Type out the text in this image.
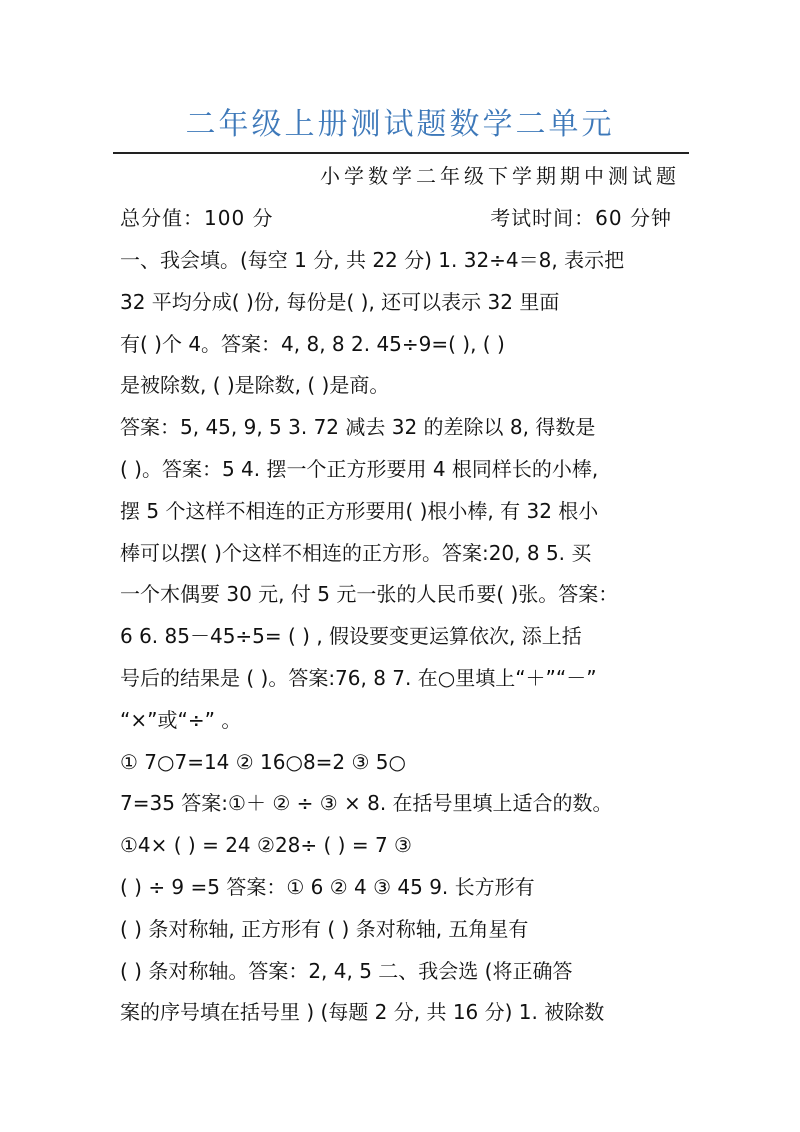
二年级上册测试题数学二单元
小学数学二年级下学期期中测试题
总分值：100 分	考试时间：60 分钟
一、我会填。(每空 1 分, 共 22 分) 1. 32÷4＝8, 表示把
32 平均分成( )份, 每份是( ), 还可以表示 32 里面
有( )个 4。答案：4, 8, 8 2. 45÷9=( ), ( )
是被除数, ( )是除数, ( )是商。
答案：5, 45, 9, 5 3. 72 减去 32 的差除以 8, 得数是
( )。答案：5 4. 摆一个正方形要用 4 根同样长的小棒,
摆 5 个这样不相连的正方形要用( )根小棒, 有 32 根小
棒可以摆( )个这样不相连的正方形。答案:20, 8 5. 买
一个木偶要 30 元, 付 5 元一张的人民币要( )张。答案：
6 6. 85－45÷5= ( ) , 假设要变更运算依次, 添上括
号后的结果是 ( )。答案:76, 8 7. 在○里填上“＋”“－”
“×”或“÷” 。
① 7○7=14 ② 16○8=2 ③ 5○
7=35 答案:①＋ ② ÷ ③ × 8. 在括号里填上适合的数。
①4× ( ) = 24 ②28÷ ( ) = 7 ③
( ) ÷ 9 =5 答案：① 6 ② 4 ③ 45 9. 长方形有
( ) 条对称轴, 正方形有 ( ) 条对称轴, 五角星有
( ) 条对称轴。答案：2, 4, 5 二、我会选 (将正确答
案的序号填在括号里 ) (每题 2 分, 共 16 分) 1. 被除数
